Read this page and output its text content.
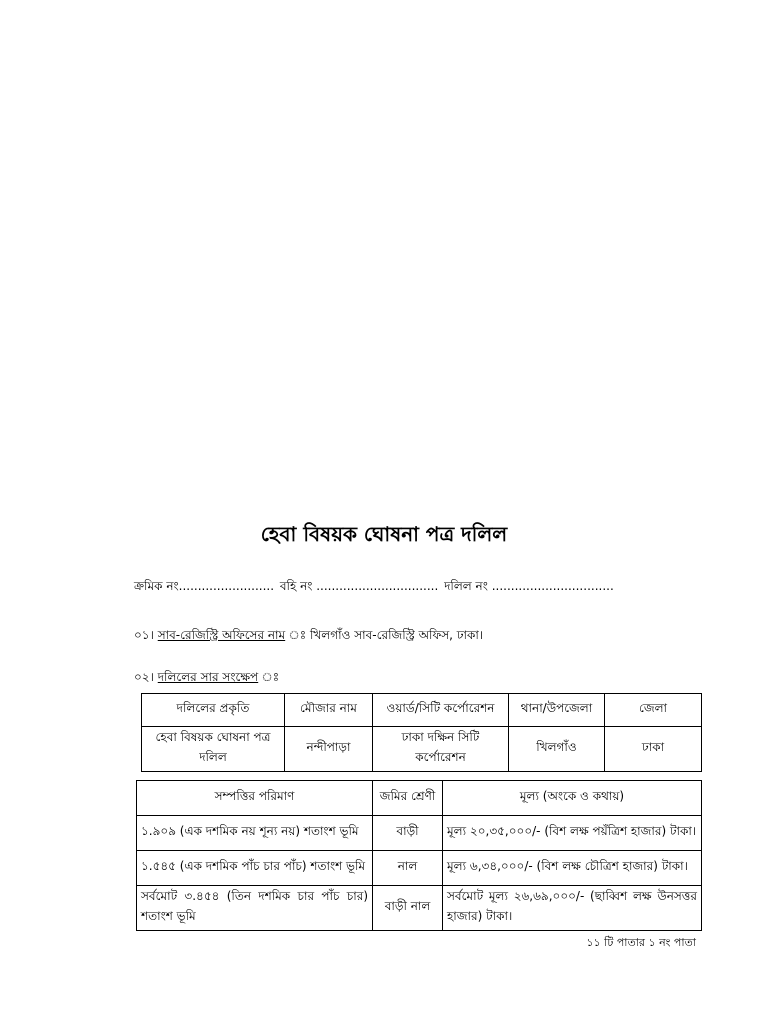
হেবা বিষয়ক ঘোষনা পত্র দলিল
ক্রমিক নং......................... বহি নং ................................ দলিল নং ................................
০১। সাব-রেজিস্ট্রি অফিসের নাম ঃ খিলগাঁও সাব-রেজিস্ট্রি অফিস, ঢাকা।
০২। দলিলের সার সংক্ষেপ
দলিলের প্রকৃতি	মৌজার নাম	ওয়ার্ড/সিটি কর্পোরেশন	থানা/উপজেলা	জেলা
হেবা বিষয়ক ঘোষনা পত্র দলিল	নন্দীপাড়া	ঢাকা দক্ষিন সিটি কর্পোরেশন	খিলগাঁও	ঢাকা
সম্পত্তির পরিমাণ	জমির শ্রেণী	মূল্য (অংকে ও কথায়)
১.৯০৯ (এক দশমিক নয় শূন্য নয়) শতাংশ ভূমি	বাড়ী	মূল্য ২০,৩৫,০০০/- (বিশ লক্ষ পয়ঁত্রিশ হাজার) টাকা।
১.৫৪৫ (এক দশমিক পাঁচ চার পাঁচ) শতাংশ ভূমি	নাল	মূল্য ৬,৩৪,০০০/- (বিশ লক্ষ চৌত্রিশ হাজার) টাকা।
সর্বমোট ৩.৪৫৪ (তিন দশমিক চার পাঁচ চার) শতাংশ ভূমি	বাড়ী নাল	সর্বমোট মূল্য ২৬,৬৯,০০০/- (ছাব্বিশ লক্ষ উনসত্তর হাজার) টাকা।
১১ টি পাতার ১ নং পাতা
